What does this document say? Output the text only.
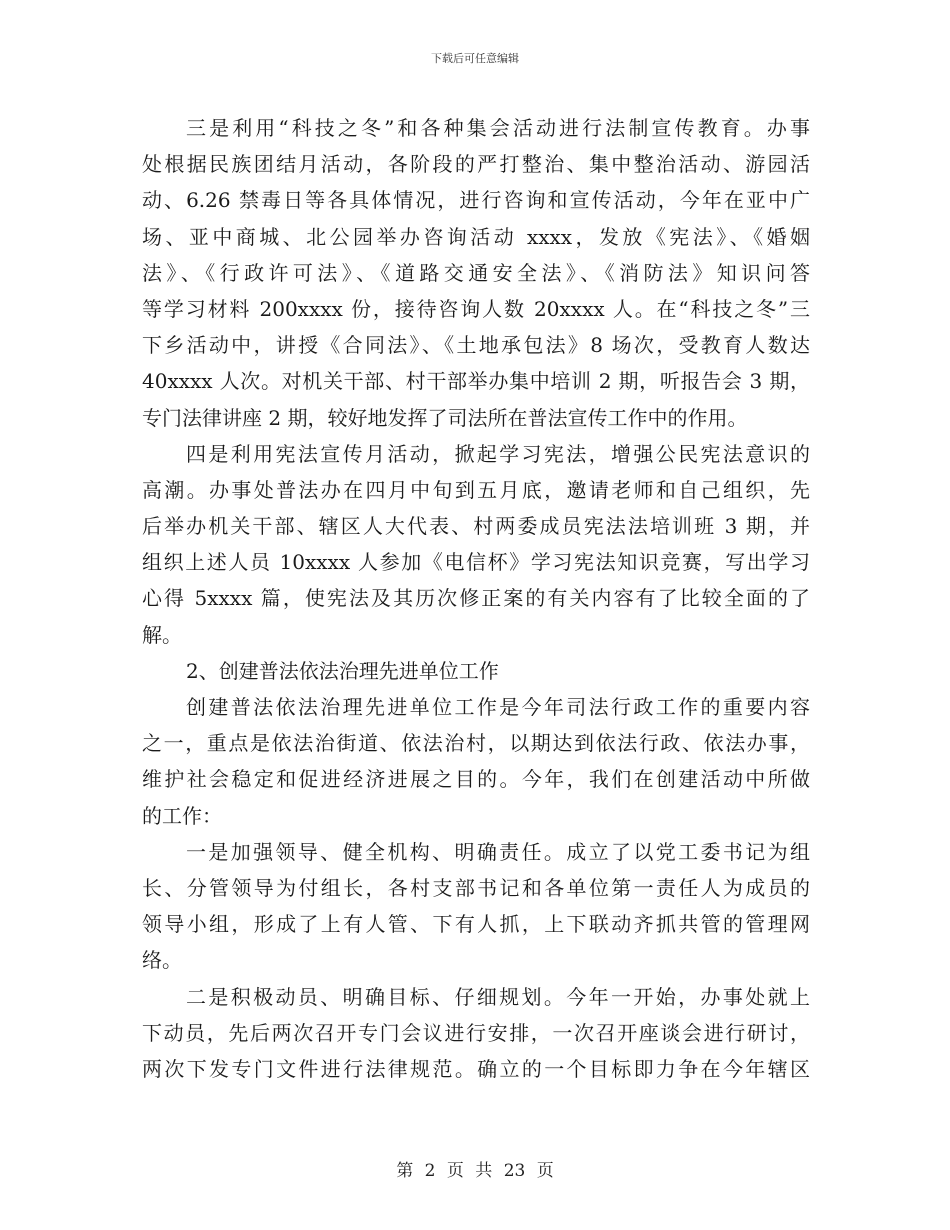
下载后可任意编辑
三是利用“科技之冬”和各种集会活动进行法制宣传教育。办事
处根据民族团结月活动，各阶段的严打整治、集中整治活动、游园活
动、6.26 禁毒日等各具体情况，进行咨询和宣传活动，今年在亚中广
场、亚中商城、北公园举办咨询活动 xxxx，发放《宪法》、《婚姻
法》、《行政许可法》、《道路交通安全法》、《消防法》知识问答
等学习材料 200xxxx 份，接待咨询人数 20xxxx 人。在“科技之冬”三
下乡活动中，讲授《合同法》、《土地承包法》8 场次，受教育人数达
40xxxx 人次。对机关干部、村干部举办集中培训 2 期，听报告会 3 期，
专门法律讲座 2 期，较好地发挥了司法所在普法宣传工作中的作用。
四是利用宪法宣传月活动，掀起学习宪法，增强公民宪法意识的
高潮。办事处普法办在四月中旬到五月底，邀请老师和自己组织，先
后举办机关干部、辖区人大代表、村两委成员宪法法培训班 3 期，并
组织上述人员 10xxxx 人参加《电信杯》学习宪法知识竞赛，写出学习
心得 5xxxx 篇，使宪法及其历次修正案的有关内容有了比较全面的了
解。
2、创建普法依法治理先进单位工作
创建普法依法治理先进单位工作是今年司法行政工作的重要内容
之一，重点是依法治街道、依法治村，以期达到依法行政、依法办事，
维护社会稳定和促进经济进展之目的。今年，我们在创建活动中所做
的工作：
一是加强领导、健全机构、明确责任。成立了以党工委书记为组
长、分管领导为付组长，各村支部书记和各单位第一责任人为成员的
领导小组，形成了上有人管、下有人抓，上下联动齐抓共管的管理网
络。
二是积极动员、明确目标、仔细规划。今年一开始，办事处就上
下动员，先后两次召开专门会议进行安排，一次召开座谈会进行研讨，
两次下发专门文件进行法律规范。确立的一个目标即力争在今年辖区
第 2 页 共 23 页
